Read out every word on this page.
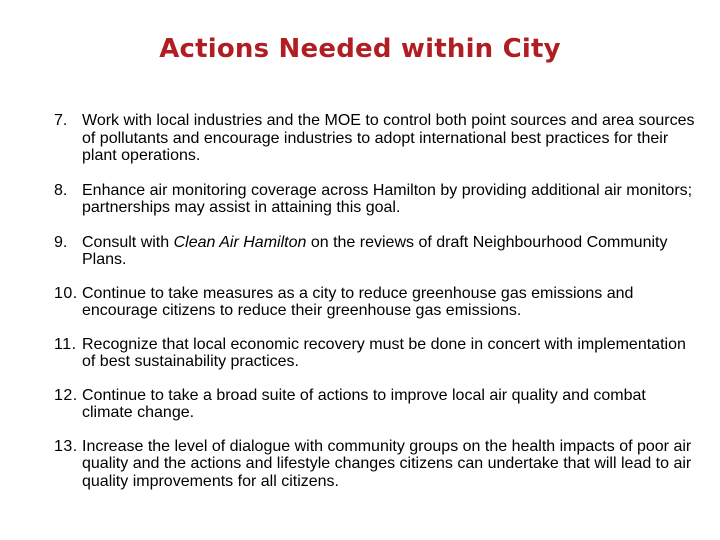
Actions Needed within City
7. Work with local industries and the MOE to control both point sources and area sources of pollutants and encourage industries to adopt international best practices for their plant operations.
8. Enhance air monitoring coverage across Hamilton by providing additional air monitors; partnerships may assist in attaining this goal.
9. Consult with Clean Air Hamilton on the reviews of draft Neighbourhood Community Plans.
10. Continue to take measures as a city to reduce greenhouse gas emissions and encourage citizens to reduce their greenhouse gas emissions.
11. Recognize that local economic recovery must be done in concert with implementation of best sustainability practices.
12. Continue to take a broad suite of actions to improve local air quality and combat climate change.
13. Increase the level of dialogue with community groups on the health impacts of poor air quality and the actions and lifestyle changes citizens can undertake that will lead to air quality improvements for all citizens.
